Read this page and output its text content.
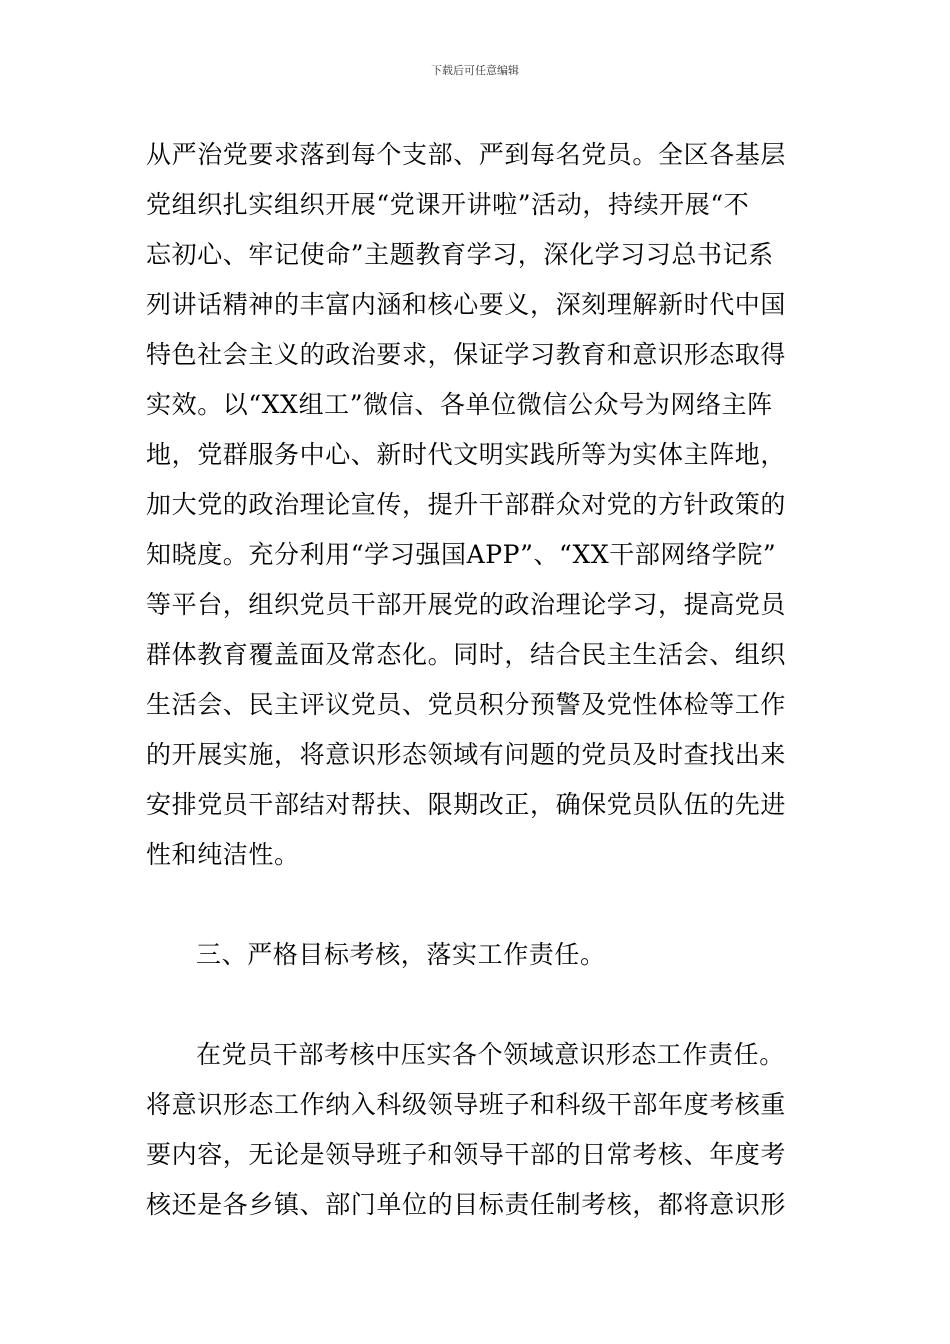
下载后可任意编辑
从严治党要求落到每个支部、严到每名党员。全区各基层
党组织扎实组织开展“党课开讲啦”活动，持续开展“不
忘初心、牢记使命”主题教育学习，深化学习习总书记系
列讲话精神的丰富内涵和核心要义，深刻理解新时代中国
特色社会主义的政治要求，保证学习教育和意识形态取得
实效。以“XX组工”微信、各单位微信公众号为网络主阵
地，党群服务中心、新时代文明实践所等为实体主阵地，
加大党的政治理论宣传，提升干部群众对党的方针政策的
知晓度。充分利用“学习强国APP”、“XX干部网络学院”
等平台，组织党员干部开展党的政治理论学习，提高党员
群体教育覆盖面及常态化。同时，结合民主生活会、组织
生活会、民主评议党员、党员积分预警及党性体检等工作
的开展实施，将意识形态领域有问题的党员及时查找出来
安排党员干部结对帮扶、限期改正，确保党员队伍的先进
性和纯洁性。
三、严格目标考核，落实工作责任。
在党员干部考核中压实各个领域意识形态工作责任。
将意识形态工作纳入科级领导班子和科级干部年度考核重
要内容，无论是领导班子和领导干部的日常考核、年度考
核还是各乡镇、部门单位的目标责任制考核，都将意识形
